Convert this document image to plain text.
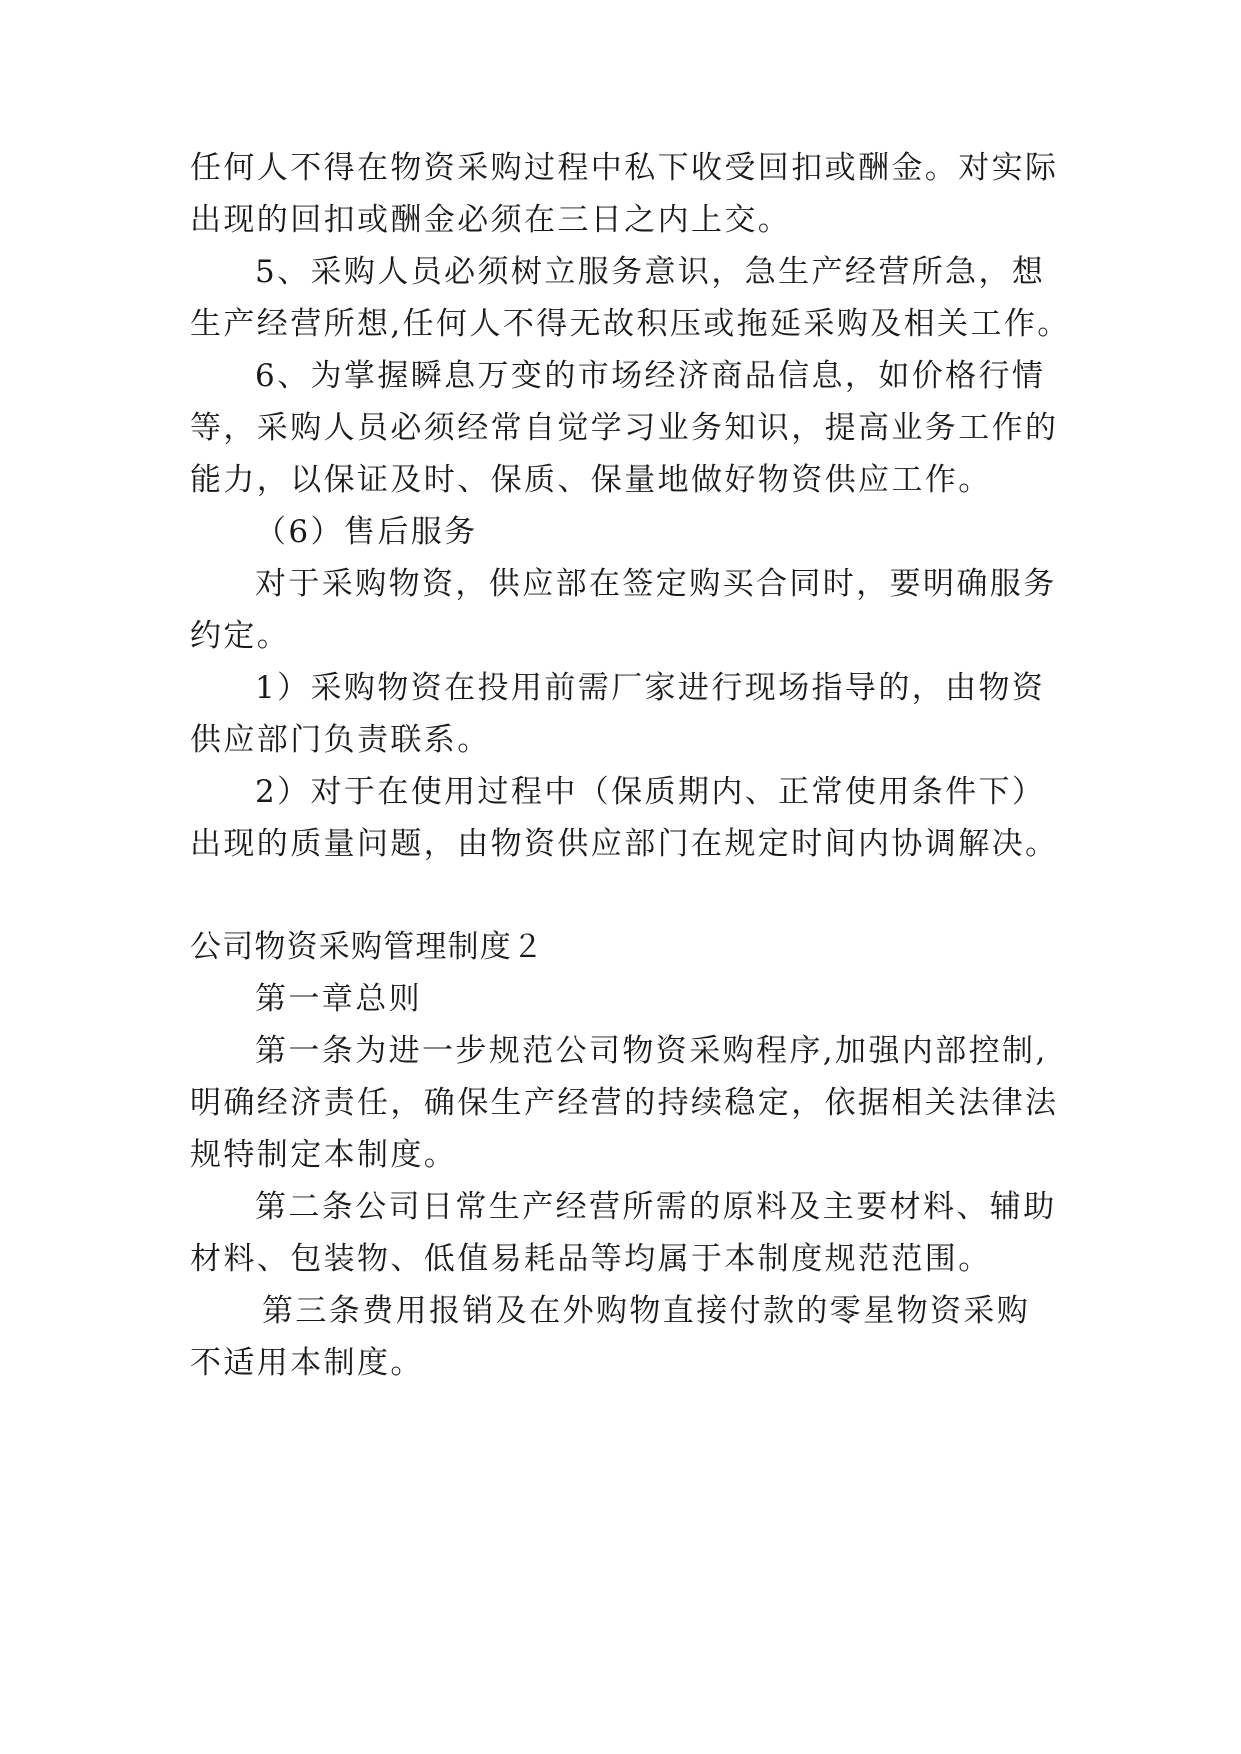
任何人不得在物资采购过程中私下收受回扣或酬金。对实际
出现的回扣或酬金必须在三日之内上交。
5、采购人员必须树立服务意识，急生产经营所急，想
生产经营所想,任何人不得无故积压或拖延采购及相关工作。
6、为掌握瞬息万变的市场经济商品信息，如价格行情
等，采购人员必须经常自觉学习业务知识，提高业务工作的
能力，以保证及时、保质、保量地做好物资供应工作。
（6）售后服务
对于采购物资，供应部在签定购买合同时，要明确服务
约定。
1）采购物资在投用前需厂家进行现场指导的，由物资
供应部门负责联系。
2）对于在使用过程中（保质期内、正常使用条件下）
出现的质量问题，由物资供应部门在规定时间内协调解决。
公司物资采购管理制度２
第一章总则
第一条为进一步规范公司物资采购程序,加强内部控制,
明确经济责任，确保生产经营的持续稳定，依据相关法律法
规特制定本制度。
第二条公司日常生产经营所需的原料及主要材料、辅助
材料、包装物、低值易耗品等均属于本制度规范范围。
第三条费用报销及在外购物直接付款的零星物资采购
不适用本制度。
